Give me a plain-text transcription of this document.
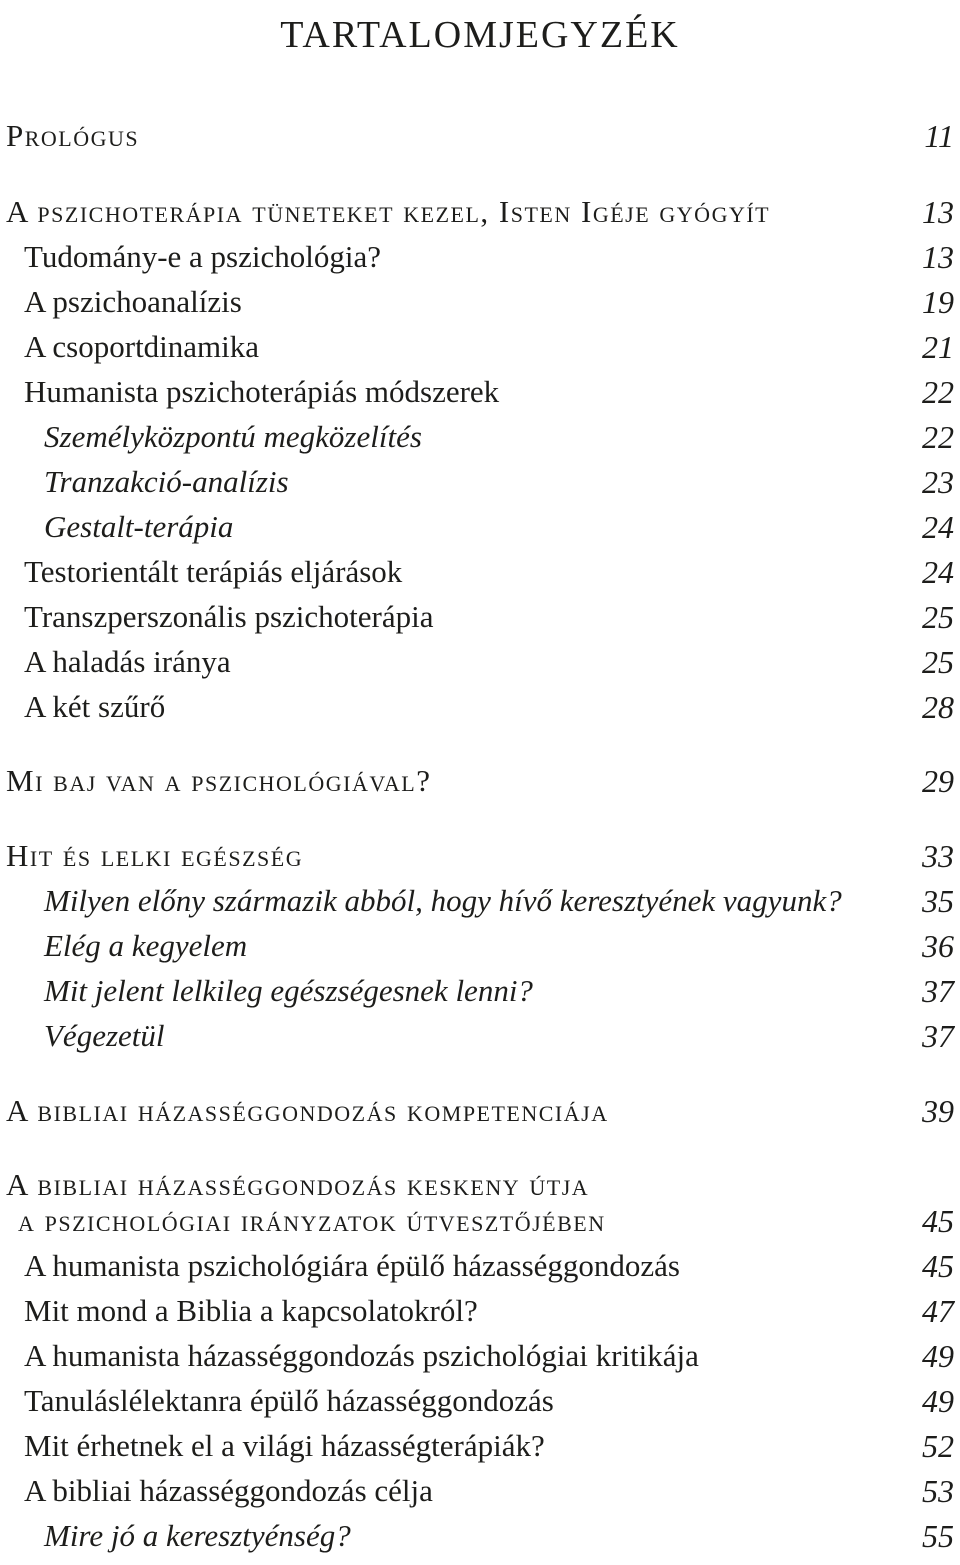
tartalomjegyzék
Prológus	11
A pszichoterápia tüneteket kezel, Isten Igéje gyógyít	13
Tudomány-e a pszichológia?	13
A pszichoanalízis	19
A csoportdinamika	21
Humanista pszichoterápiás módszerek	22
Személyközpontú megközelítés	22
Tranzakció-analízis	23
Gestalt-terápia	24
Testorientált terápiás eljárások	24
Transzperszonális pszichoterápia	25
A haladás iránya	25
A két szűrő	28
Mi baj van a pszichológiával?	29
Hit és lelki egészség	33
Milyen előny származik abból, hogy hívő keresztyének vagyunk?	35
Elég a kegyelem	36
Mit jelent lelkileg egészségesnek lenni?	37
Végezetül	37
A bibliai házasséggondozás kompetenciája	39
A bibliai házasséggondozás keskeny útja
a pszichológiai irányzatok útvesztőjében	45
A humanista pszichológiára épülő házasséggondozás	45
Mit mond a Biblia a kapcsolatokról?	47
A humanista házasséggondozás pszichológiai kritikája	49
Tanuláslélektanra épülő házasséggondozás	49
Mit érhetnek el a világi házasségterápiák?	52
A bibliai házasséggondozás célja	53
Mire jó a keresztyénség?	55
